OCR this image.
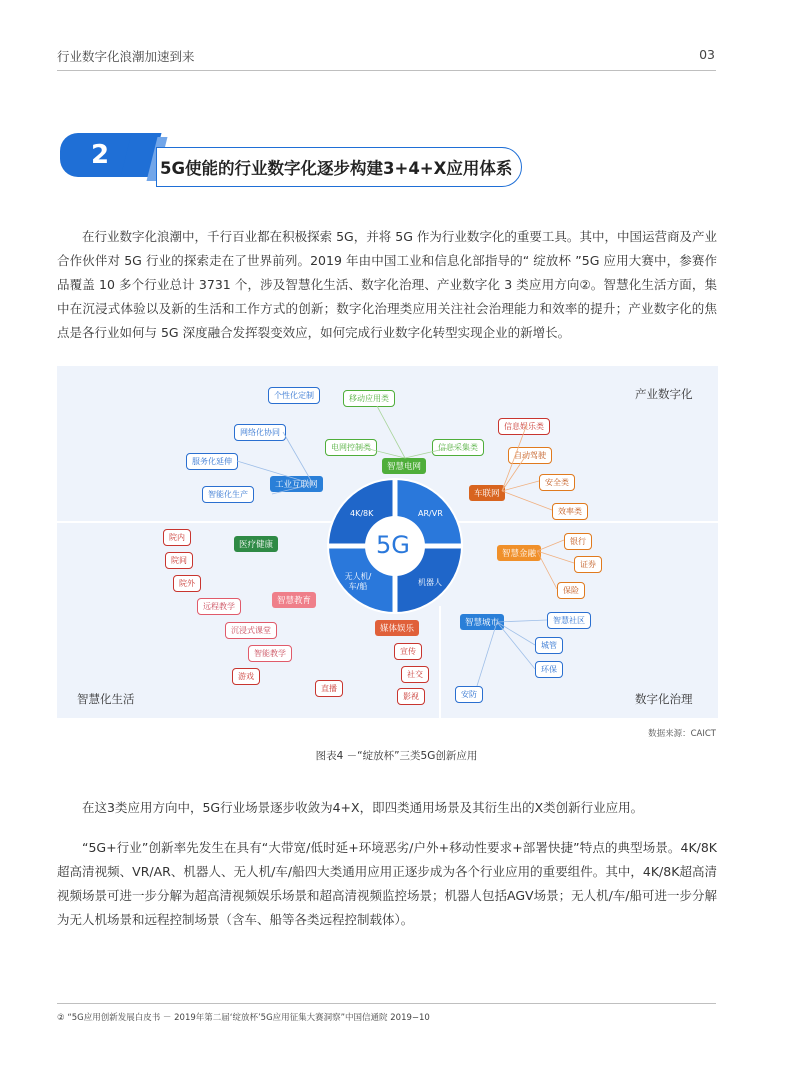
行业数字化浪潮加速到来	03
2	5G使能的行业数字化逐步构建3+4+X应用体系

在行业数字化浪潮中，千行百业都在积极探索 5G，并将 5G 作为行业数字化的重要工具。其中，中国运营商及产业合作伙伴对 5G 行业的探索走在了世界前列。2019 年由中国工业和信息化部指导的“ 绽放杯 ”5G 应用大赛中，参赛作品覆盖 10 多个行业总计 3731 个，涉及智慧化生活、数字化治理、产业数字化 3 类应用方向②。智慧化生活方面，集中在沉浸式体验以及新的生活和工作方式的创新；数字化治理类应用关注社会治理能力和效率的提升；产业数字化的焦点是各行业如何与 5G 深度融合发挥裂变效应，如何完成行业数字化转型实现企业的新增长。

产业数字化
智慧化生活	数字化治理
5G
4K/8K	AR/VR
无人机/车/船	机器人
智慧电网
车联网
工业互联网
医疗健康
智慧金融
智慧教育
媒体娱乐
智慧城市
个性化定制
网络化协同
服务化延伸
智能化生产
移动应用类
电网控制类	信息采集类
信息娱乐类
自动驾驶
安全类
效率类
银行
证券
保险
院内
院间
院外
远程教学
沉浸式课堂
智能教学
游戏
直播
宣传
社交
影视
智慧社区
城管
环保
安防
数据来源：CAICT
图表4 －“绽放杯”三类5G创新应用

在这3类应用方向中，5G行业场景逐步收敛为4+X，即四类通用场景及其衍生出的X类创新行业应用。

“5G+行业”创新率先发生在具有“大带宽/低时延+环境恶劣/户外+移动性要求+部署快捷”特点的典型场景。4K/8K超高清视频、VR/AR、机器人、无人机/车/船四大类通用应用正逐步成为各个行业应用的重要组件。其中，4K/8K超高清视频场景可进一步分解为超高清视频娱乐场景和超高清视频监控场景；机器人包括AGV场景；无人机/车/船可进一步分解为无人机场景和远程控制场景（含车、船等各类远程控制载体）。

② “5G应用创新发展白皮书 － 2019年第二届‘绽放杯’5G应用征集大赛洞察”中国信通院 2019−10
